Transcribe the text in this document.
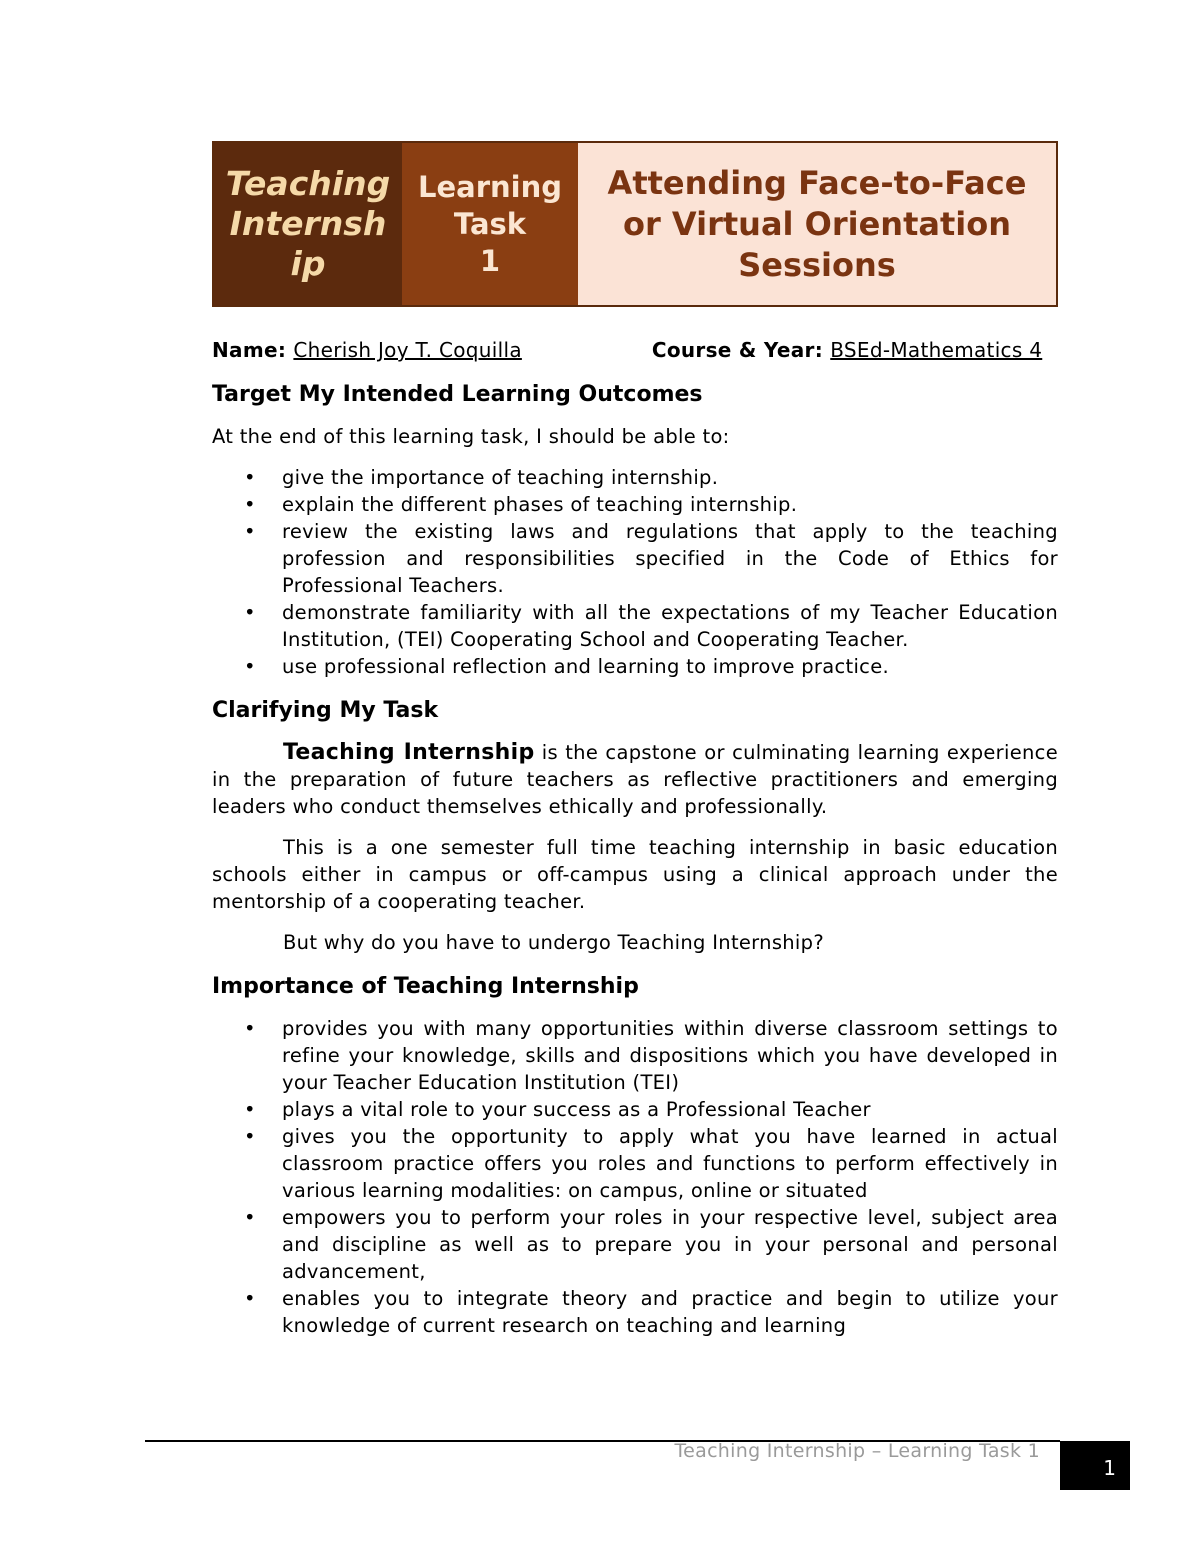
Teaching Internship
Learning
Task
1
Attending Face-to-Face or Virtual Orientation Sessions
Name: Cherish Joy T. Coquilla	Course & Year: BSEd-Mathematics 4
Target My Intended Learning Outcomes

At the end of this learning task, I should be able to:

• give the importance of teaching internship.
• explain the different phases of teaching internship.
• review the existing laws and regulations that apply to the teaching profession and responsibilities specified in the Code of Ethics for Professional Teachers.
• demonstrate familiarity with all the expectations of my Teacher Education Institution, (TEI) Cooperating School and Cooperating Teacher.
• use professional reflection and learning to improve practice.
Clarifying My Task

Teaching Internship is the capstone or culminating learning experience in the preparation of future teachers as reflective practitioners and emerging leaders who conduct themselves ethically and professionally.

This is a one semester full time teaching internship in basic education schools either in campus or off-campus using a clinical approach under the mentorship of a cooperating teacher.

But why do you have to undergo Teaching Internship?

Importance of Teaching Internship
• provides you with many opportunities within diverse classroom settings to refine your knowledge, skills and dispositions which you have developed in your Teacher Education Institution (TEI)
• plays a vital role to your success as a Professional Teacher
• gives you the opportunity to apply what you have learned in actual classroom practice offers you roles and functions to perform effectively in various learning modalities: on campus, online or situated
• empowers you to perform your roles in your respective level, subject area and discipline as well as to prepare you in your personal and personal advancement,
• enables you to integrate theory and practice and begin to utilize your knowledge of current research on teaching and learning
Teaching Internship – Learning Task 1
1
